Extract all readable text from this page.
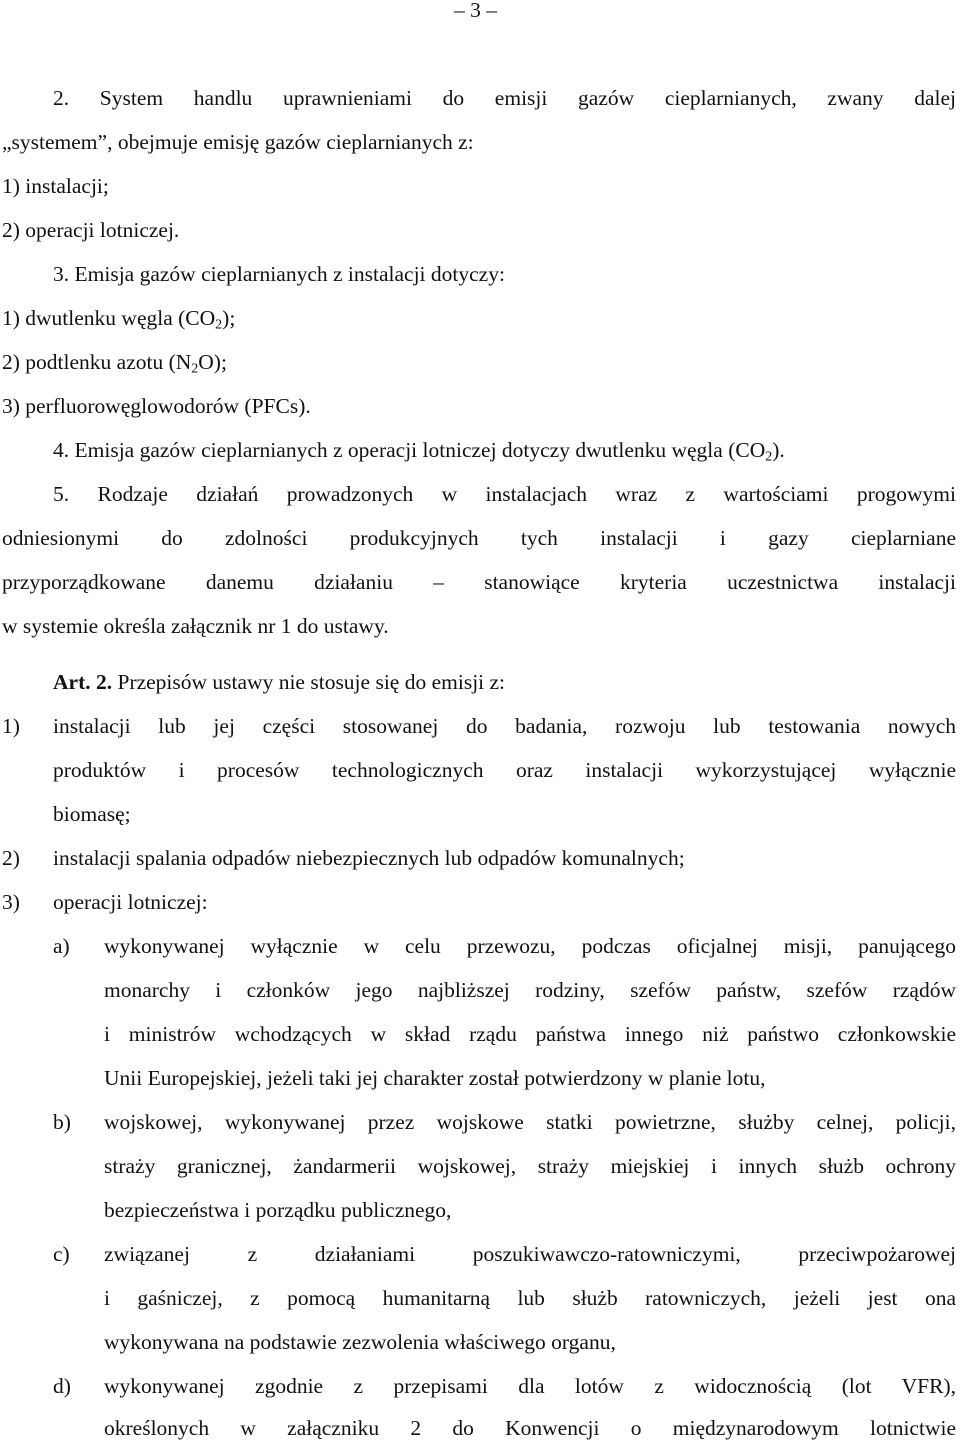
– 3 –
2. System handlu uprawnieniami do emisji gazów cieplarnianych, zwany dalej
„systemem”, obejmuje emisję gazów cieplarnianych z:
1) instalacji;
2) operacji lotniczej.
3. Emisja gazów cieplarnianych z instalacji dotyczy:
1) dwutlenku węgla $(CO_2)$;
2) podtlenku azotu $(N_2O)$;
3) perfluorowęglowodorów (PFCs).
4. Emisja gazów cieplarnianych z operacji lotniczej dotyczy dwutlenku węgla $(CO_2)$.
5. Rodzaje działań prowadzonych w instalacjach wraz z wartościami progowymi
odniesionymi do zdolności produkcyjnych tych instalacji i gazy cieplarniane
przyporządkowane danemu działaniu – stanowiące kryteria uczestnictwa instalacji
w systemie określa załącznik nr 1 do ustawy.
Art. 2. Przepisów ustawy nie stosuje się do emisji z:
1) instalacji lub jej części stosowanej do badania, rozwoju lub testowania nowych
produktów i procesów technologicznych oraz instalacji wykorzystującej wyłącznie
biomasę;
2) instalacji spalania odpadów niebezpiecznych lub odpadów komunalnych;
3) operacji lotniczej:
a) wykonywanej wyłącznie w celu przewozu, podczas oficjalnej misji, panującego
monarchy i członków jego najbliższej rodziny, szefów państw, szefów rządów
i ministrów wchodzących w skład rządu państwa innego niż państwo członkowskie
Unii Europejskiej, jeżeli taki jej charakter został potwierdzony w planie lotu,
b) wojskowej, wykonywanej przez wojskowe statki powietrzne, służby celnej, policji,
straży granicznej, żandarmerii wojskowej, straży miejskiej i innych służb ochrony
bezpieczeństwa i porządku publicznego,
c) związanej z działaniami poszukiwawczo-ratowniczymi, przeciwpożarowej
i gaśniczej, z pomocą humanitarną lub służb ratowniczych, jeżeli jest ona
wykonywana na podstawie zezwolenia właściwego organu,
d) wykonywanej zgodnie z przepisami dla lotów z widocznością (lot VFR),
określonych w załączniku 2 do Konwencji o międzynarodowym lotnictwie
